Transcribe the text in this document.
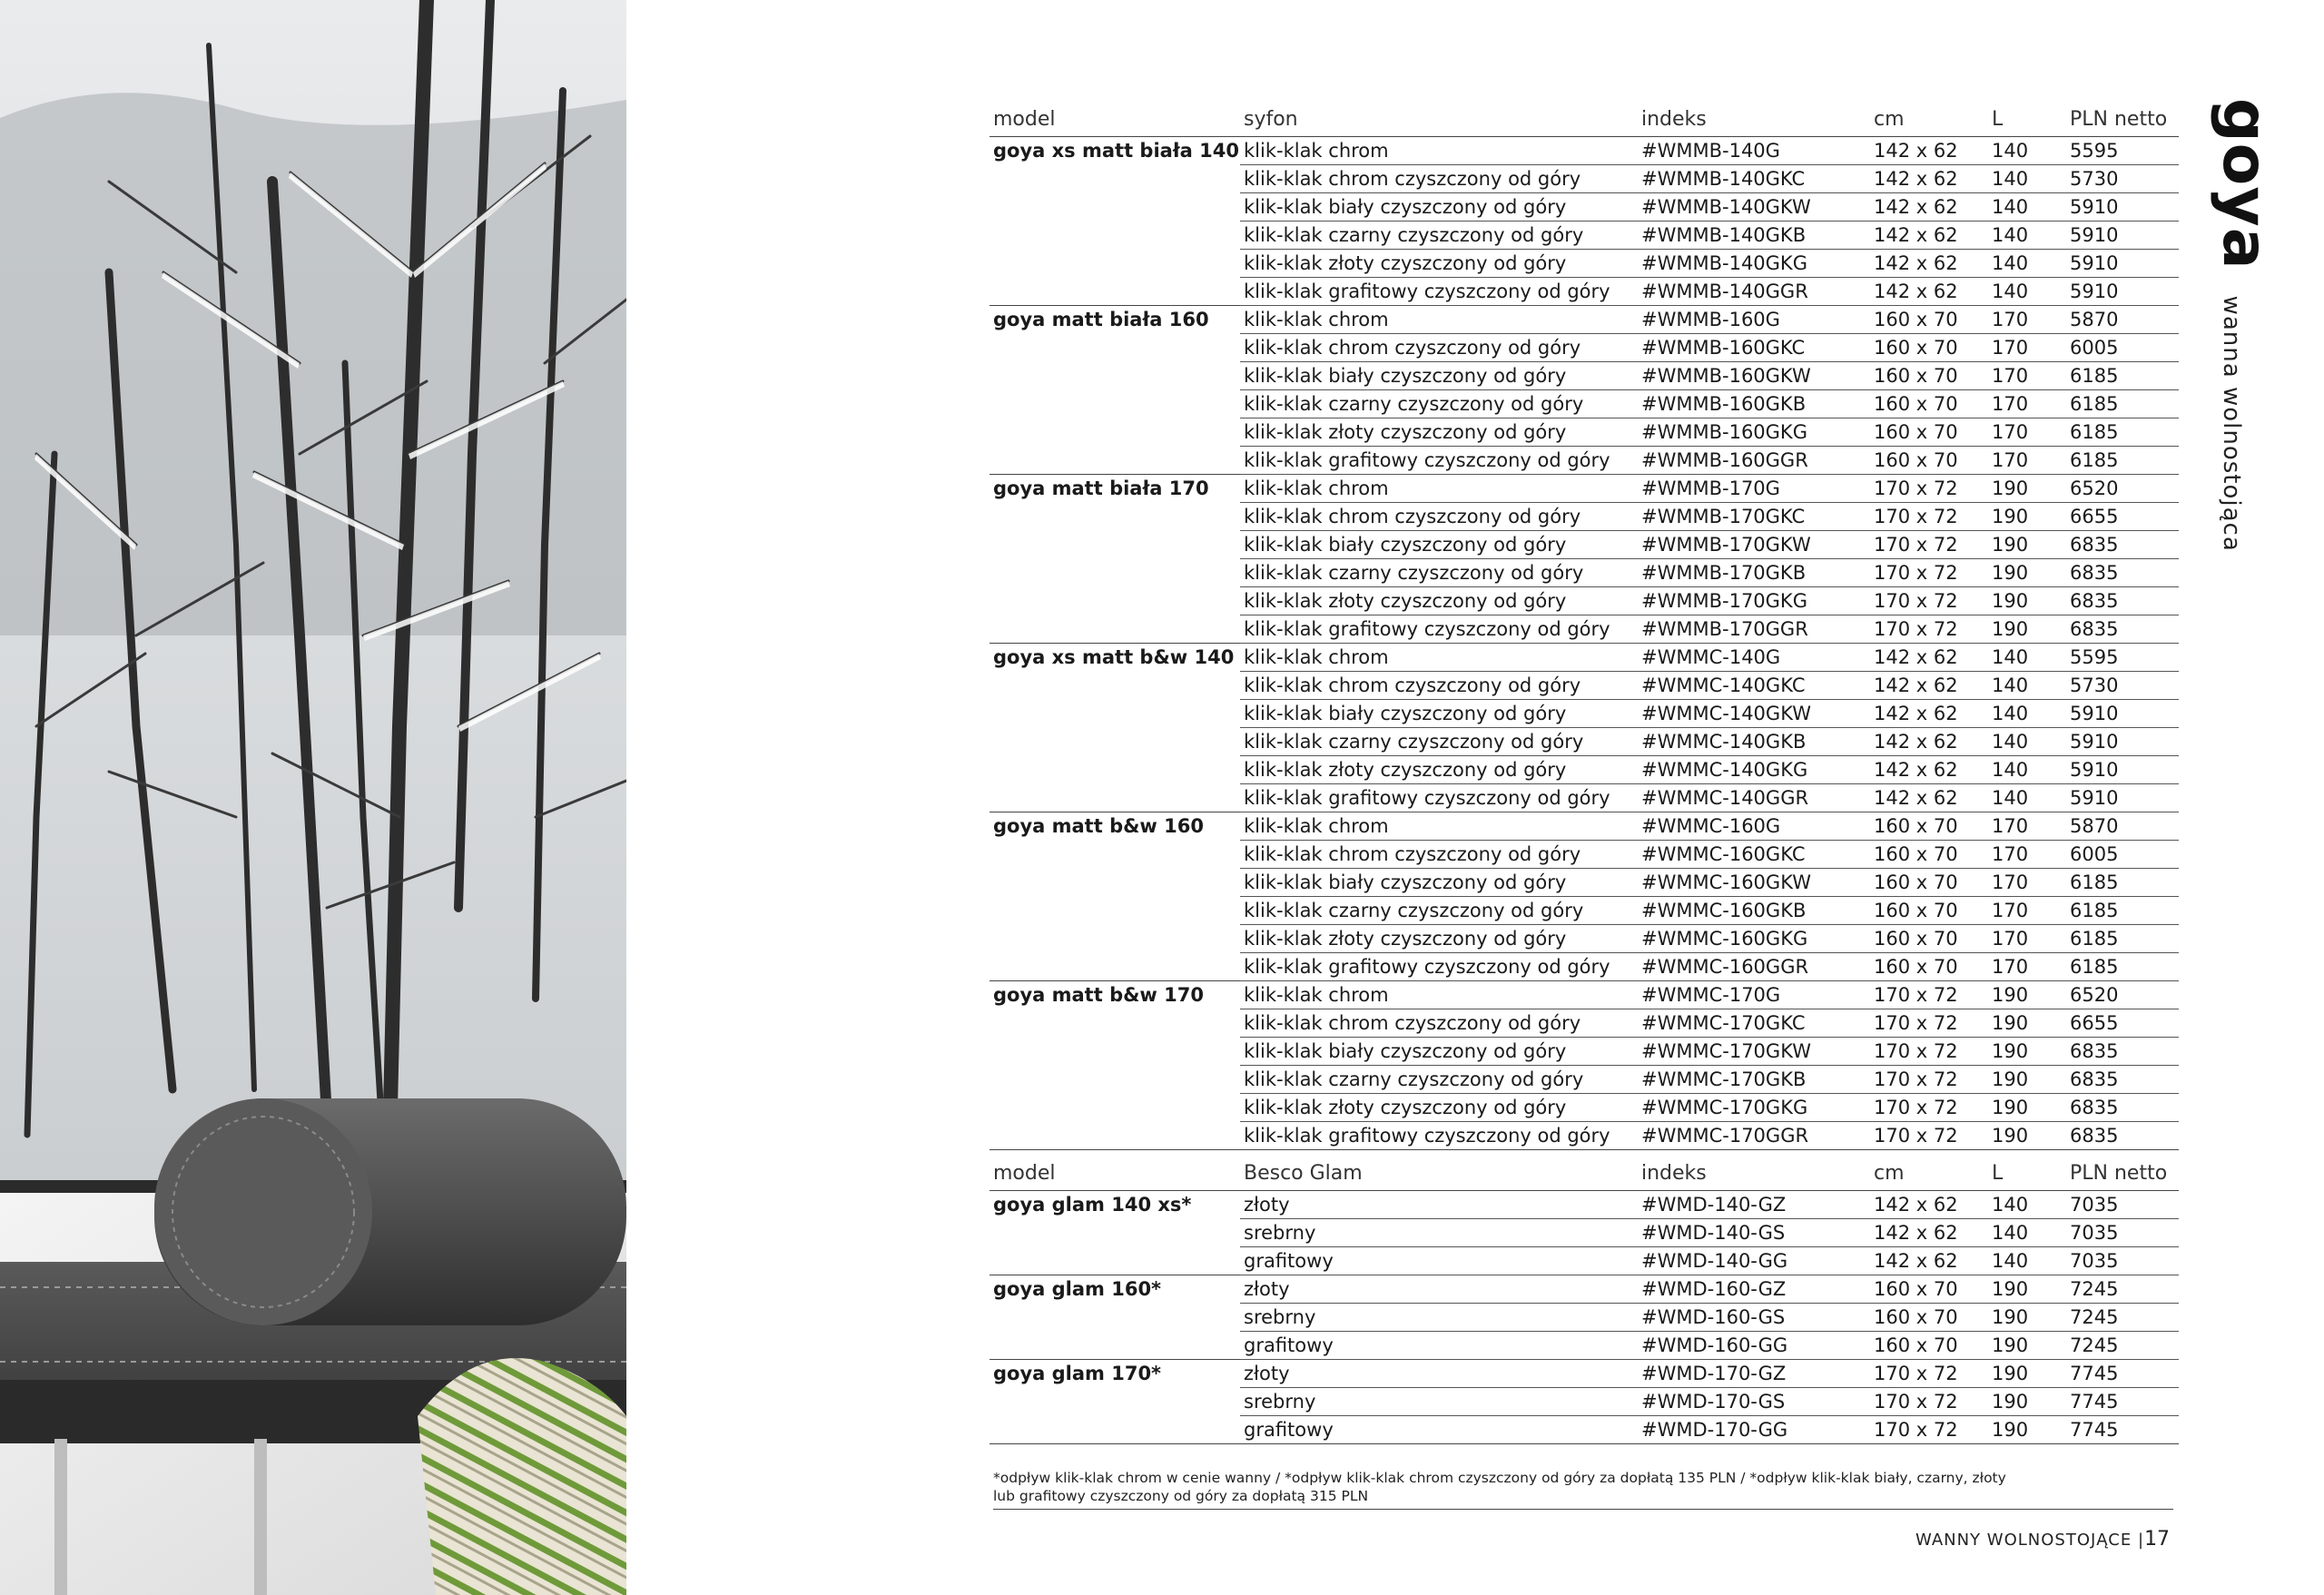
goyawanna wolnostojąca
model	syfon	indeks	cm	L	PLN netto
goya xs matt biała 140	klik-klak chrom	#WMMB-140G	142 x 62	140	5595
	klik-klak chrom czyszczony od góry	#WMMB-140GKC	142 x 62	140	5730
	klik-klak biały czyszczony od góry	#WMMB-140GKW	142 x 62	140	5910
	klik-klak czarny czyszczony od góry	#WMMB-140GKB	142 x 62	140	5910
	klik-klak złoty czyszczony od góry	#WMMB-140GKG	142 x 62	140	5910
	klik-klak grafitowy czyszczony od góry	#WMMB-140GGR	142 x 62	140	5910
goya matt biała 160	klik-klak chrom	#WMMB-160G	160 x 70	170	5870
	klik-klak chrom czyszczony od góry	#WMMB-160GKC	160 x 70	170	6005
	klik-klak biały czyszczony od góry	#WMMB-160GKW	160 x 70	170	6185
	klik-klak czarny czyszczony od góry	#WMMB-160GKB	160 x 70	170	6185
	klik-klak złoty czyszczony od góry	#WMMB-160GKG	160 x 70	170	6185
	klik-klak grafitowy czyszczony od góry	#WMMB-160GGR	160 x 70	170	6185
goya matt biała 170	klik-klak chrom	#WMMB-170G	170 x 72	190	6520
	klik-klak chrom czyszczony od góry	#WMMB-170GKC	170 x 72	190	6655
	klik-klak biały czyszczony od góry	#WMMB-170GKW	170 x 72	190	6835
	klik-klak czarny czyszczony od góry	#WMMB-170GKB	170 x 72	190	6835
	klik-klak złoty czyszczony od góry	#WMMB-170GKG	170 x 72	190	6835
	klik-klak grafitowy czyszczony od góry	#WMMB-170GGR	170 x 72	190	6835
goya xs matt b&w 140	klik-klak chrom	#WMMC-140G	142 x 62	140	5595
	klik-klak chrom czyszczony od góry	#WMMC-140GKC	142 x 62	140	5730
	klik-klak biały czyszczony od góry	#WMMC-140GKW	142 x 62	140	5910
	klik-klak czarny czyszczony od góry	#WMMC-140GKB	142 x 62	140	5910
	klik-klak złoty czyszczony od góry	#WMMC-140GKG	142 x 62	140	5910
	klik-klak grafitowy czyszczony od góry	#WMMC-140GGR	142 x 62	140	5910
goya matt b&w 160	klik-klak chrom	#WMMC-160G	160 x 70	170	5870
	klik-klak chrom czyszczony od góry	#WMMC-160GKC	160 x 70	170	6005
	klik-klak biały czyszczony od góry	#WMMC-160GKW	160 x 70	170	6185
	klik-klak czarny czyszczony od góry	#WMMC-160GKB	160 x 70	170	6185
	klik-klak złoty czyszczony od góry	#WMMC-160GKG	160 x 70	170	6185
	klik-klak grafitowy czyszczony od góry	#WMMC-160GGR	160 x 70	170	6185
goya matt b&w 170	klik-klak chrom	#WMMC-170G	170 x 72	190	6520
	klik-klak chrom czyszczony od góry	#WMMC-170GKC	170 x 72	190	6655
	klik-klak biały czyszczony od góry	#WMMC-170GKW	170 x 72	190	6835
	klik-klak czarny czyszczony od góry	#WMMC-170GKB	170 x 72	190	6835
	klik-klak złoty czyszczony od góry	#WMMC-170GKG	170 x 72	190	6835
	klik-klak grafitowy czyszczony od góry	#WMMC-170GGR	170 x 72	190	6835
model	Besco Glam	indeks	cm	L	PLN netto
goya glam 140 xs*	złoty	#WMD-140-GZ	142 x 62	140	7035
	srebrny	#WMD-140-GS	142 x 62	140	7035
	grafitowy	#WMD-140-GG	142 x 62	140	7035
goya glam 160*	złoty	#WMD-160-GZ	160 x 70	190	7245
	srebrny	#WMD-160-GS	160 x 70	190	7245
	grafitowy	#WMD-160-GG	160 x 70	190	7245
goya glam 170*	złoty	#WMD-170-GZ	170 x 72	190	7745
	srebrny	#WMD-170-GS	170 x 72	190	7745
	grafitowy	#WMD-170-GG	170 x 72	190	7745
*odpływ klik-klak chrom w cenie wanny / *odpływ klik-klak chrom czyszczony od góry za dopłatą 135 PLN / *odpływ klik-klak biały, czarny, złoty
lub grafitowy czyszczony od góry za dopłatą 315 PLN
WANNY WOLNOSTOJĄCE |17
